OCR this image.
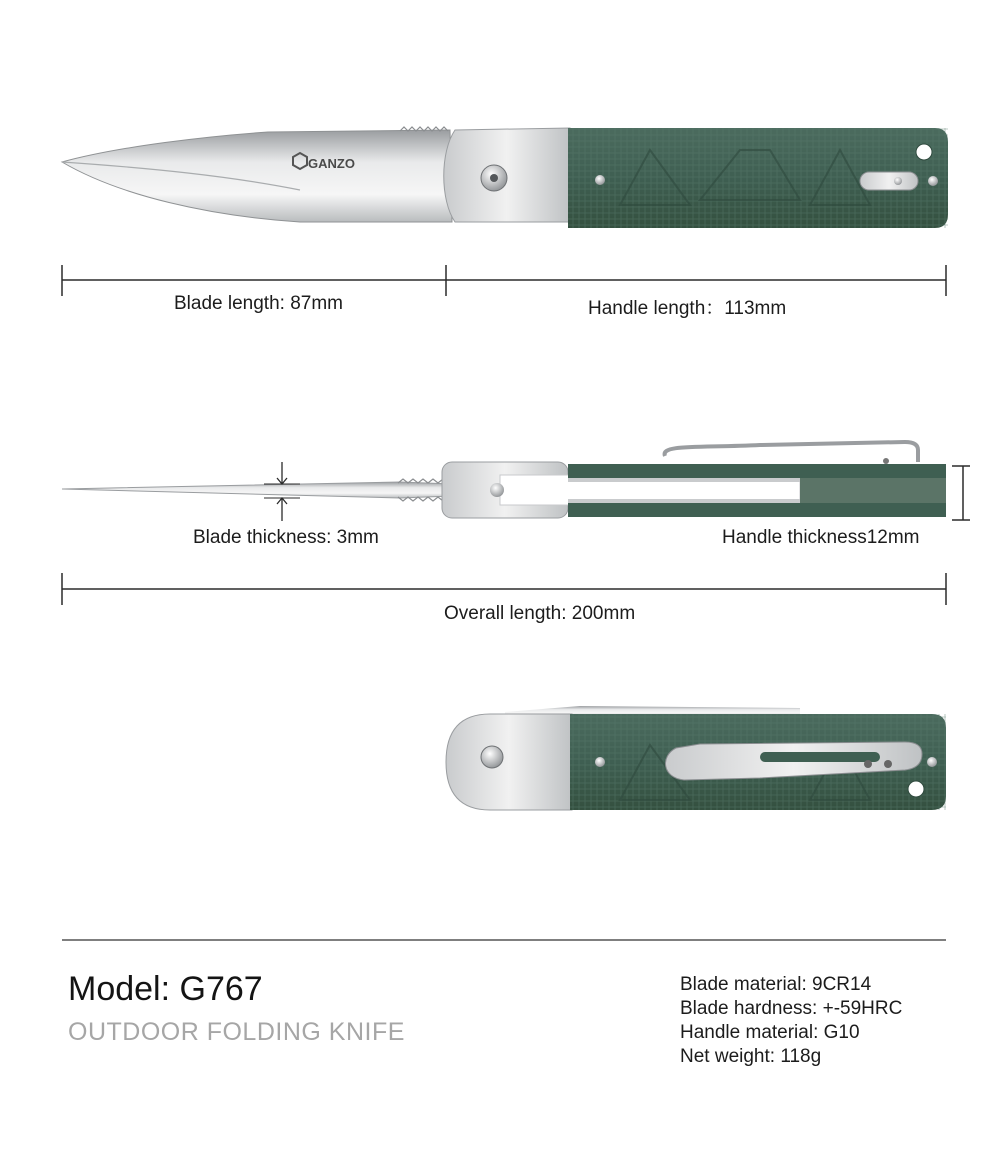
GANZO
Blade length: 87mm	Handle length：113mm
Blade thickness: 3mm	Handle thickness12mm
Overall length: 200mm
Model: G767
OUTDOOR FOLDING KNIFE
Blade material: 9CR14
Blade hardness: +-59HRC
Handle material: G10
Net weight: 118g
